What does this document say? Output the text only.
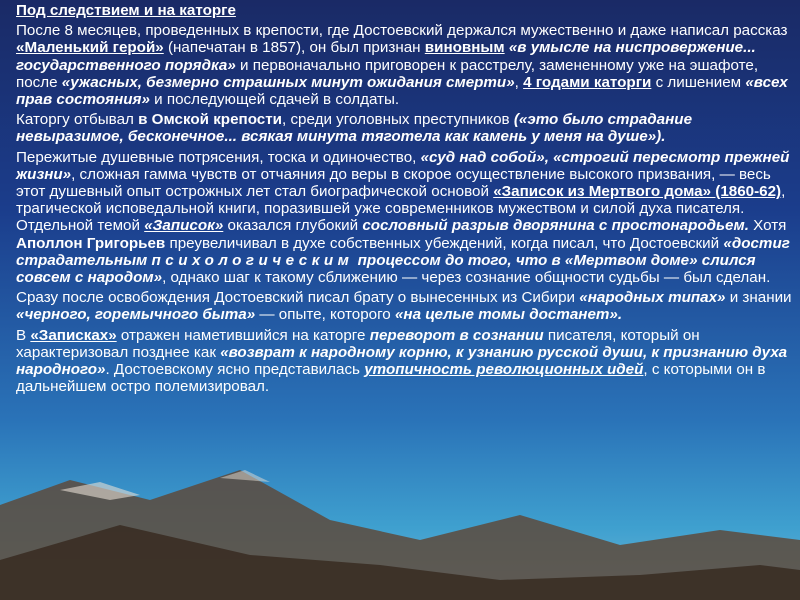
Под следствием и на каторге

После 8 месяцев, проведенных в крепости, где Достоевский держался мужественно и даже написал рассказ «Маленький герой» (напечатан в 1857), он был признан виновным «в умысле на ниспровержение... государственного порядка» и первоначально приговорен к расстрелу, замененному уже на эшафоте, после «ужасных, безмерно страшных минут ожидания смерти», 4 годами каторги с лишением «всех прав состояния» и последующей сдачей в солдаты.

Каторгу отбывал в Омской крепости, среди уголовных преступников («это было страдание невыразимое, бесконечное... всякая минута тяготела как камень у меня на душе»).

Пережитые душевные потрясения, тоска и одиночество, «суд над собой», «строгий пересмотр прежней жизни», сложная гамма чувств от отчаяния до веры в скорое осуществление высокого призвания, — весь этот душевный опыт острожных лет стал биографической основой «Записок из Мертвого дома» (1860-62), трагической исповедальной книги, поразившей уже современников мужеством и силой духа писателя. Отдельной темой «Записок» оказался глубокий сословный разрыв дворянина с простонародьем. Хотя Аполлон Григорьев преувеличивал в духе собственных убеждений, когда писал, что Достоевский «достиг страдательным психологическим процессом до того, что в «Мертвом доме» слился совсем с народом», однако шаг к такому сближению — через сознание общности судьбы — был сделан.

Сразу после освобождения Достоевский писал брату о вынесенных из Сибири «народных типах» и знании «черного, горемычного быта» — опыте, которого «на целые томы достанет».

В «Записках» отражен наметившийся на каторге переворот в сознании писателя, который он характеризовал позднее как «возврат к народному корню, к узнанию русской души, к признанию духа народного». Достоевскому ясно представилась утопичность революционных идей, с которыми он в дальнейшем остро полемизировал.
